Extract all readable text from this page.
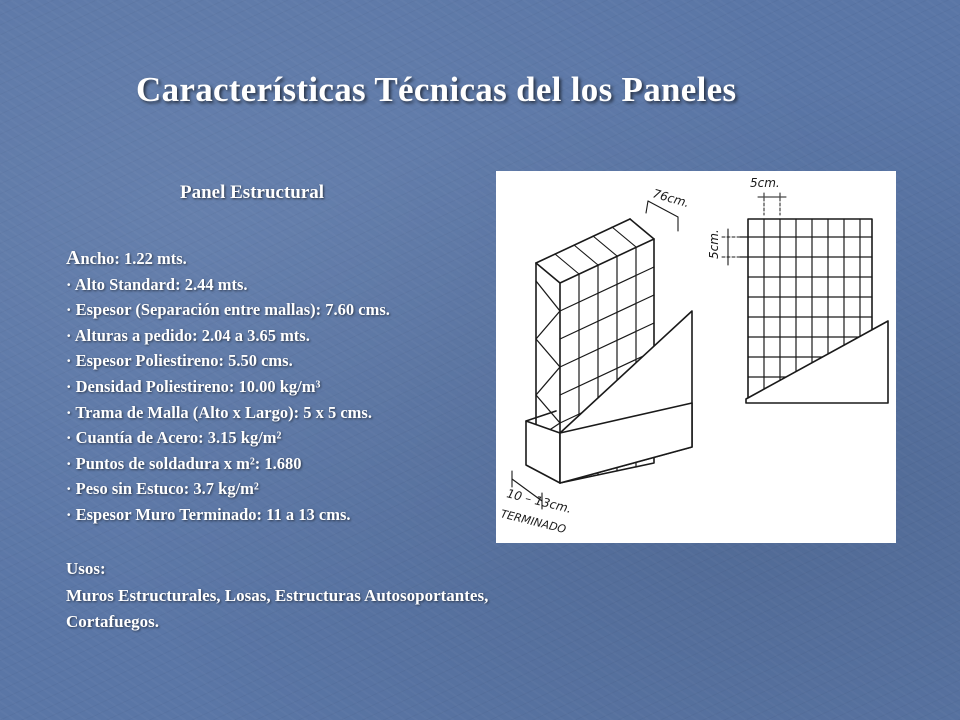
Características Técnicas del los Paneles
Panel Estructural
Ancho: 1.22 mts.
· Alto Standard: 2.44 mts.
· Espesor (Separación entre mallas): 7.60 cms.
· Alturas a pedido: 2.04 a 3.65 mts.
· Espesor Poliestireno: 5.50 cms.
· Densidad Poliestireno: 10.00 kg/m³
· Trama de Malla (Alto x Largo): 5 x 5 cms.
· Cuantía de Acero: 3.15 kg/m²
· Puntos de soldadura x m²: 1.680
· Peso sin Estuco: 3.7 kg/m²
· Espesor Muro Terminado: 11 a 13 cms.
Usos:
Muros Estructurales, Losas, Estructuras Autosoportantes,
Cortafuegos.
76cm.
5cm.
5cm.
10 – 13cm.
TERMINADO
